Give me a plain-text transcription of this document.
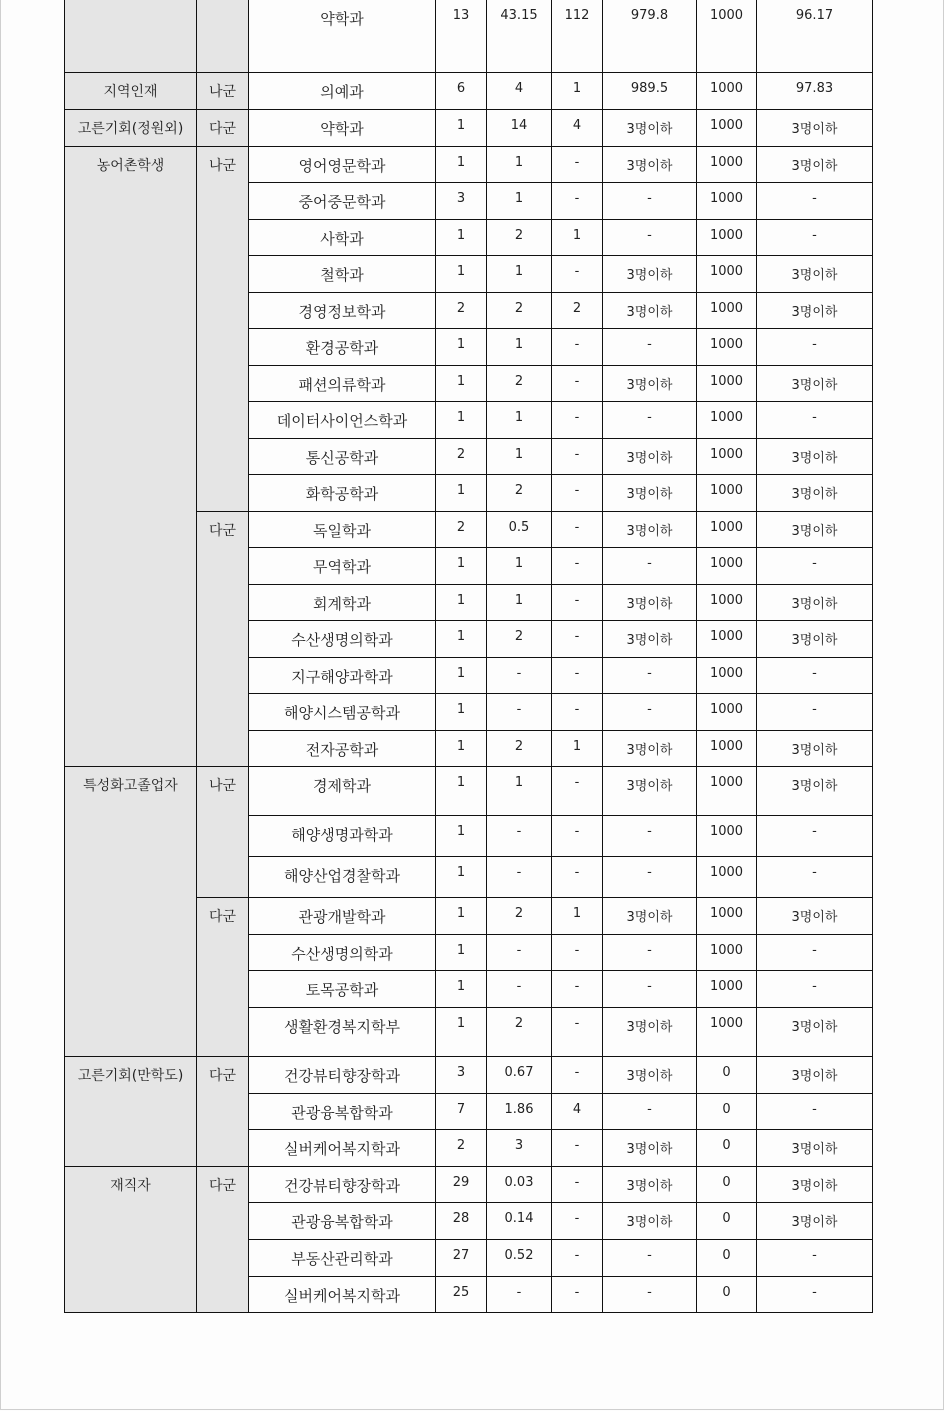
		약학과	13	43.15	112	979.8	1000	96.17
지역인재	나군	의예과	6	4	1	989.5	1000	97.83
고른기회(정원외)	다군	약학과	1	14	4	3명이하	1000	3명이하
농어촌학생	나군	영어영문학과	1	1	-	3명이하	1000	3명이하
		중어중문학과	3	1	-	-	1000	-
		사학과	1	2	1	-	1000	-
		철학과	1	1	-	3명이하	1000	3명이하
		경영정보학과	2	2	2	3명이하	1000	3명이하
		환경공학과	1	1	-	-	1000	-
		패션의류학과	1	2	-	3명이하	1000	3명이하
		데이터사이언스학과	1	1	-	-	1000	-
		통신공학과	2	1	-	3명이하	1000	3명이하
		화학공학과	1	2	-	3명이하	1000	3명이하
	다군	독일학과	2	0.5	-	3명이하	1000	3명이하
		무역학과	1	1	-	-	1000	-
		회계학과	1	1	-	3명이하	1000	3명이하
		수산생명의학과	1	2	-	3명이하	1000	3명이하
		지구해양과학과	1	-	-	-	1000	-
		해양시스템공학과	1	-	-	-	1000	-
		전자공학과	1	2	1	3명이하	1000	3명이하
특성화고졸업자	나군	경제학과	1	1	-	3명이하	1000	3명이하
		해양생명과학과	1	-	-	-	1000	-
		해양산업경찰학과	1	-	-	-	1000	-
	다군	관광개발학과	1	2	1	3명이하	1000	3명이하
		수산생명의학과	1	-	-	-	1000	-
		토목공학과	1	-	-	-	1000	-
		생활환경복지학부	1	2	-	3명이하	1000	3명이하
고른기회(만학도)	다군	건강뷰티향장학과	3	0.67	-	3명이하	0	3명이하
		관광융복합학과	7	1.86	4	-	0	-
		실버케어복지학과	2	3	-	3명이하	0	3명이하
재직자	다군	건강뷰티향장학과	29	0.03	-	3명이하	0	3명이하
		관광융복합학과	28	0.14	-	3명이하	0	3명이하
		부동산관리학과	27	0.52	-	-	0	-
		실버케어복지학과	25	-	-	-	0	-
